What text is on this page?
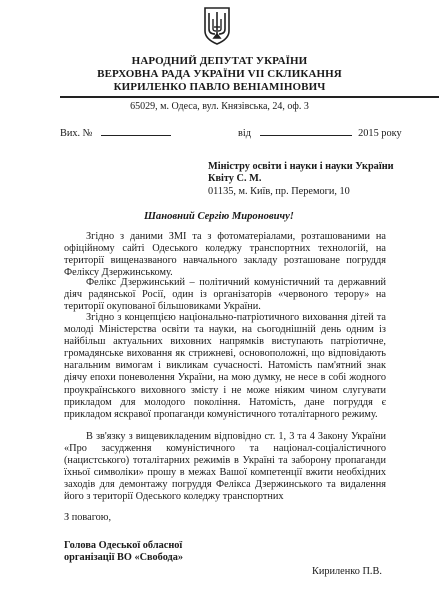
НАРОДНИЙ ДЕПУТАТ УКРАЇНИ
ВЕРХОВНА РАДА УКРАЇНИ VII СКЛИКАННЯ
КИРИЛЕНКО ПАВЛО ВЕНІАМІНОВИЧ
65029, м. Одеса, вул. Князівська, 24, оф. 3
Вих. №	від	2015 року
Міністру освіти і науки і науки України
Квіту С. М.
01135, м. Київ, пр. Перемоги, 10
Шановний Сергію Мироновичу!
Згідно з даними ЗМІ та з фотоматеріалами, розташованими на офіційному сайті Одеського коледжу транспортних технологій, на території вищеназваного навчального закладу розташоване погруддя Феліксу Дзержинському.
Фелікс Дзержинський – політичний комуністичний та державний діяч радянської Росії, один із організаторів «червоного терору» на території окупованої більшовиками України.
Згідно з концепцією національно-патріотичного виховання дітей та молоді Міністерства освіти та науки, на сьогоднішній день одним із найбільш актуальних виховних напрямків виступають патріотичне, громадянське виховання як стрижневі, основоположні, що відповідають нагальним вимогам і викликам сучасності. Натомість пам'ятний знак діячу епохи поневолення України, на мою думку, не несе в собі жодного проукраїнського виховного змісту і не може ніяким чином слугувати прикладом для молодого покоління. Натомість, дане погруддя є прикладом яскравої пропаганди комуністичного тоталітарного режиму.
В зв'язку з вищевикладеним відповідно ст. 1, 3 та 4 Закону України «Про засудження комуністичного та націонал-соціалістичного (нацистського) тоталітарних режимів в Україні та заборону пропаганди їхньої символіки» прошу в межах Вашої компетенції вжити необхідних заходів для демонтажу погруддя Фелікса Дзержинського та видалення його з території Одеського коледжу транспортних
З повагою,
Голова Одеської обласної
організації ВО «Свобода»
Кириленко П.В.
